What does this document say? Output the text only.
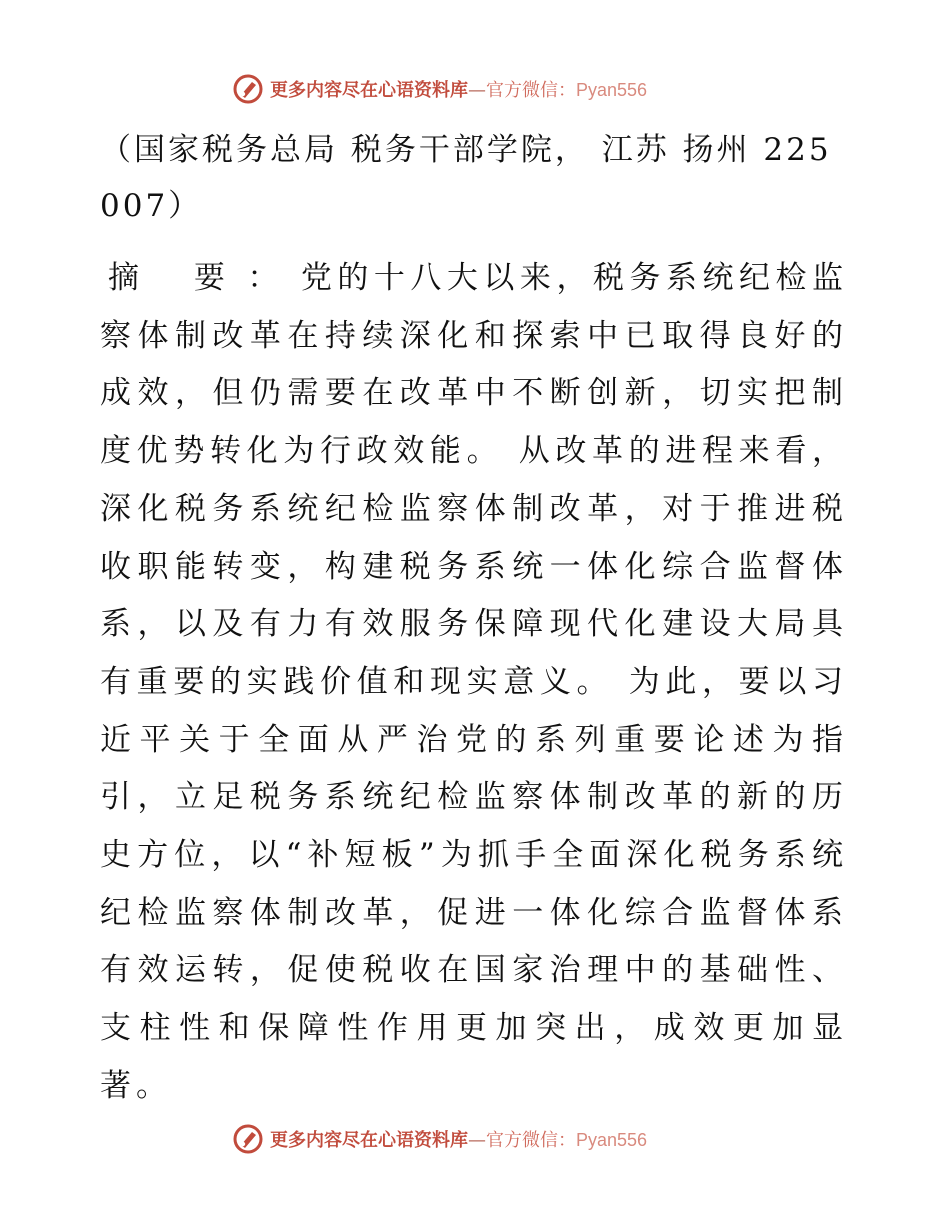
更多内容尽在心语资料库—官方微信：Pyan556
（国家税务总局 税务干部学院， 江苏 扬州 225007）
摘 要：党的十八大以来，税务系统纪检监察体制改革在持续深化和探索中已取得良好的成效，但仍需要在改革中不断创新，切实把制度优势转化为行政效能。 从改革的进程来看，深化税务系统纪检监察体制改革，对于推进税收职能转变，构建税务系统一体化综合监督体系，以及有力有效服务保障现代化建设大局具有重要的实践价值和现实意义。 为此，要以习近平关于全面从严治党的系列重要论述为指引，立足税务系统纪检监察体制改革的新的历史方位，以“补短板”为抓手全面深化税务系统纪检监察体制改革，促进一体化综合监督体系有效运转，促使税收在国家治理中的基础性、支柱性和保障性作用更加突出，成效更加显著。
更多内容尽在心语资料库—官方微信：Pyan556
